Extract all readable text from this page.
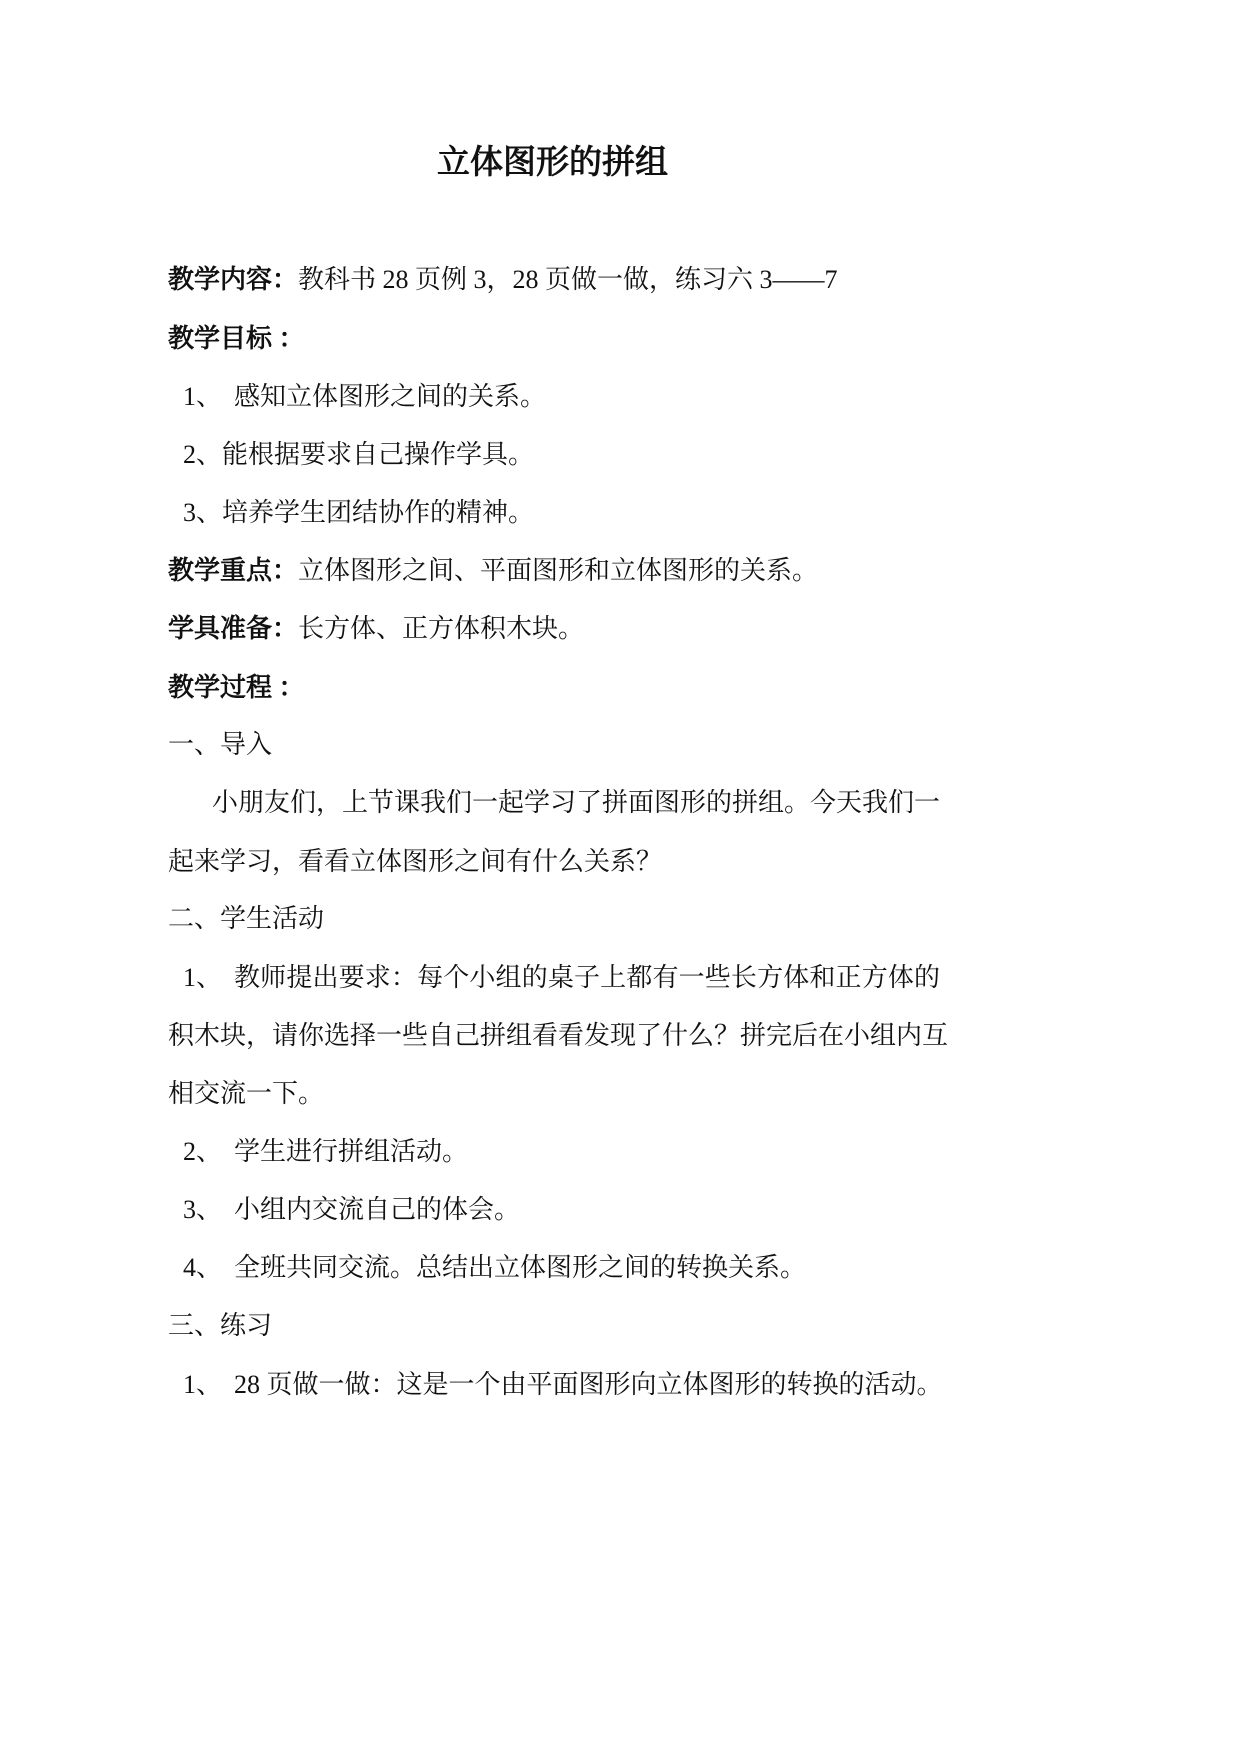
立体图形的拼组
教学内容：教科书 28 页例 3，28 页做一做，练习六 3——7
教学目标 ：
1、 感知立体图形之间的关系。
2、能根据要求自己操作学具。
3、培养学生团结协作的精神。
教学重点：立体图形之间、平面图形和立体图形的关系。
学具准备：长方体、正方体积木块。
教学过程 ：
一、导入
小朋友们，上节课我们一起学习了拼面图形的拼组。今天我们一
起来学习，看看立体图形之间有什么关系？
二、学生活动
1、 教师提出要求：每个小组的桌子上都有一些长方体和正方体的
积木块，请你选择一些自己拼组看看发现了什么？拼完后在小组内互
相交流一下。
2、 学生进行拼组活动。
3、 小组内交流自己的体会。
4、 全班共同交流。总结出立体图形之间的转换关系。
三、练习
1、 28 页做一做：这是一个由平面图形向立体图形的转换的活动。
